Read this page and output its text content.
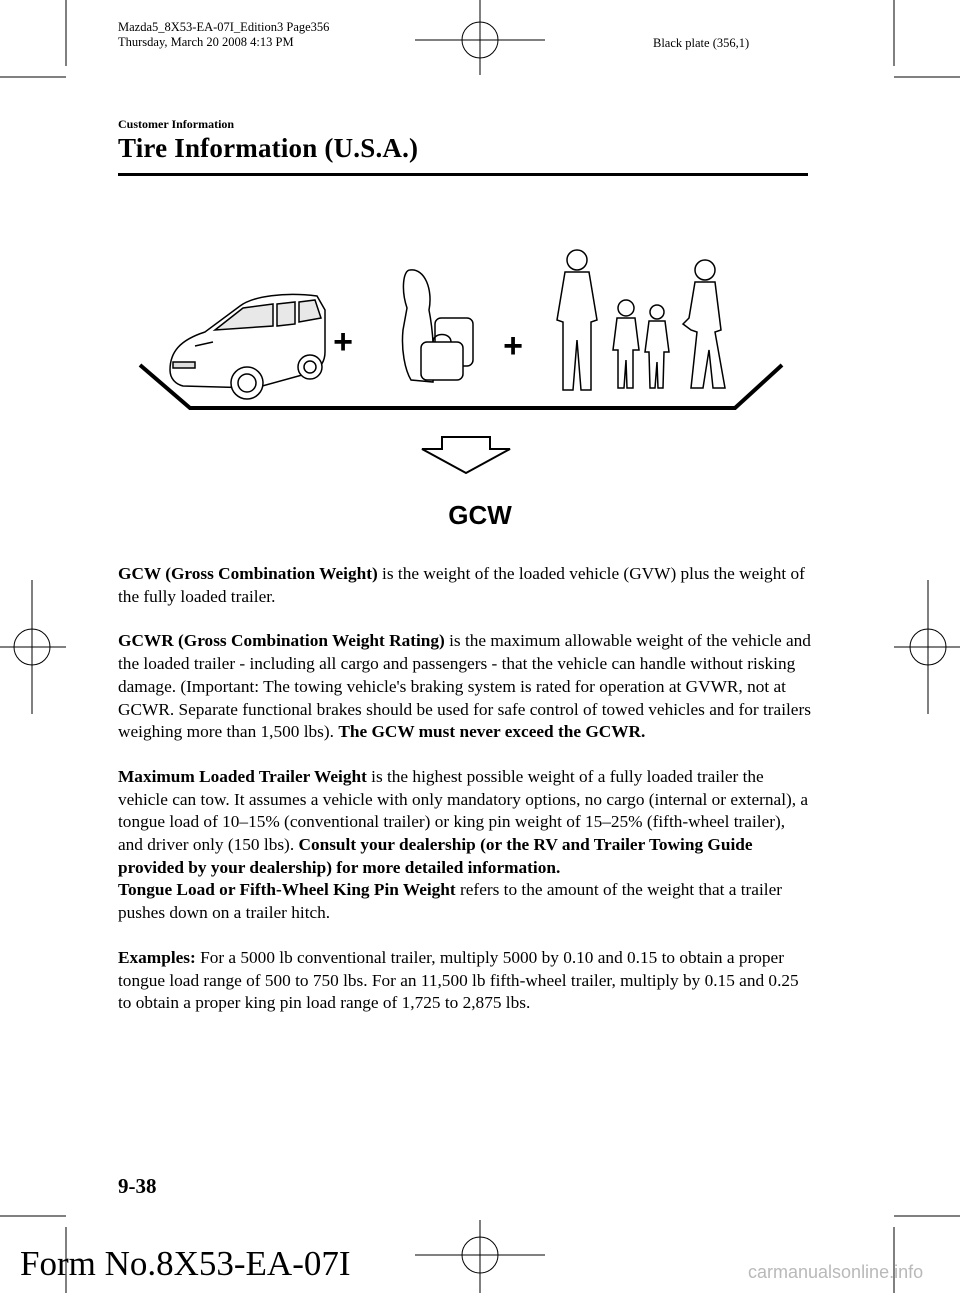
Mazda5_8X53-EA-07I_Edition3 Page356
Thursday, March 20 2008 4:13 PM	Black plate (356,1)
Customer Information
Tire Information (U.S.A.)
+	+
GCW

GCW (Gross Combination Weight) is the weight of the loaded vehicle (GVW) plus the weight of the fully loaded trailer.

GCWR (Gross Combination Weight Rating) is the maximum allowable weight of the vehicle and the loaded trailer - including all cargo and passengers - that the vehicle can handle without risking damage. (Important: The towing vehicle's braking system is rated for operation at GVWR, not at GCWR. Separate functional brakes should be used for safe control of towed vehicles and for trailers weighing more than 1,500 lbs). The GCW must never exceed the GCWR.

Maximum Loaded Trailer Weight is the highest possible weight of a fully loaded trailer the vehicle can tow. It assumes a vehicle with only mandatory options, no cargo (internal or external), a tongue load of 10–15% (conventional trailer) or king pin weight of 15–25% (fifth-wheel trailer), and driver only (150 lbs). Consult your dealership (or the RV and Trailer Towing Guide provided by your dealership) for more detailed information.

Tongue Load or Fifth-Wheel King Pin Weight refers to the amount of the weight that a trailer pushes down on a trailer hitch.

Examples: For a 5000 lb conventional trailer, multiply 5000 by 0.10 and 0.15 to obtain a proper tongue load range of 500 to 750 lbs. For an 11,500 lb fifth-wheel trailer, multiply by 0.15 and 0.25 to obtain a proper king pin load range of 1,725 to 2,875 lbs.

9-38
Form No.8X53-EA-07I	carmanualsonline.info
